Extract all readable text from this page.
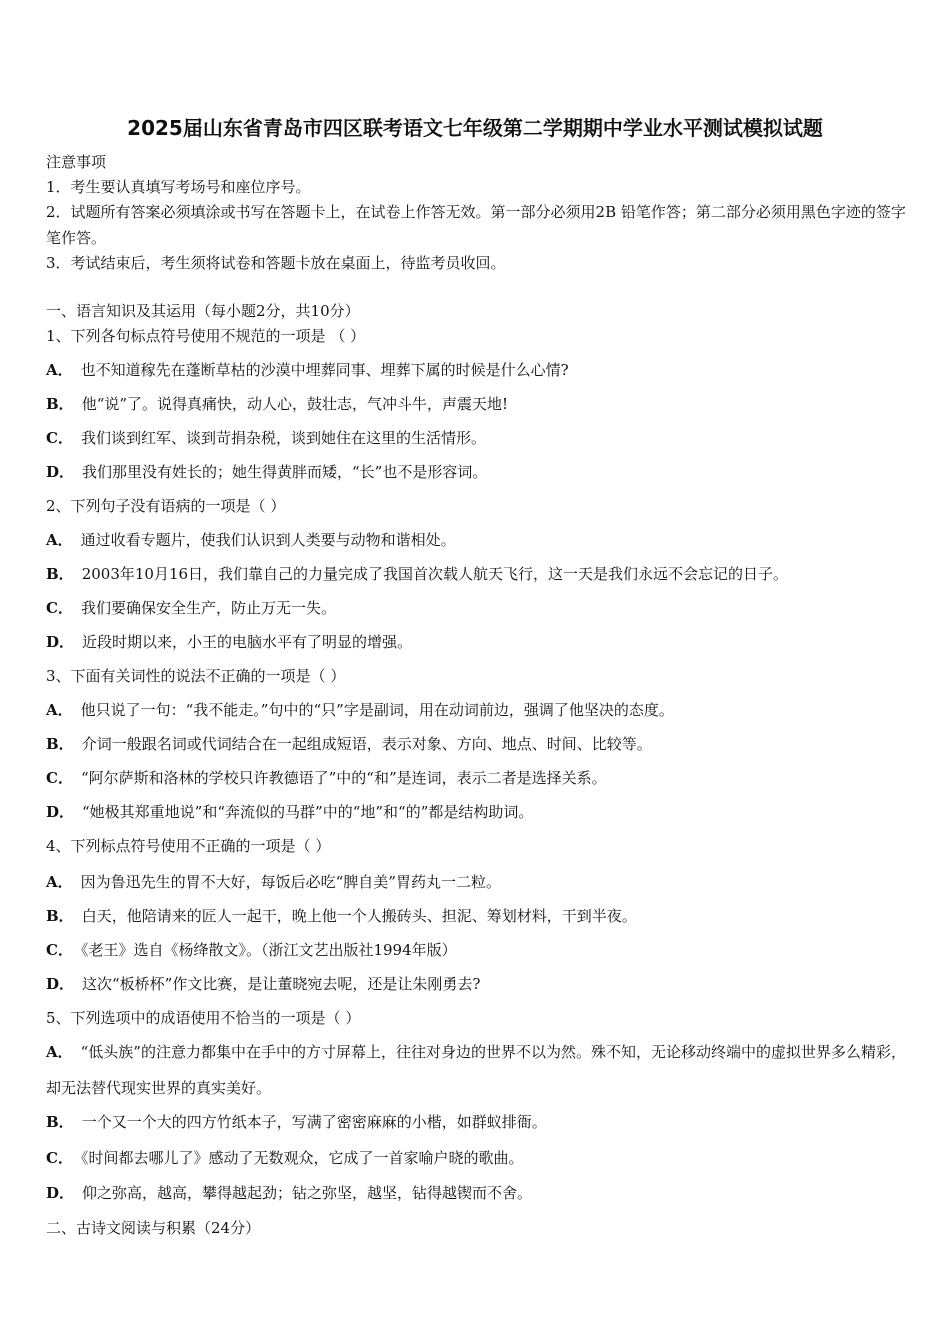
2025届山东省青岛市四区联考语文七年级第二学期期中学业水平测试模拟试题
注意事项
1．考生要认真填写考场号和座位序号。
2．试题所有答案必须填涂或书写在答题卡上，在试卷上作答无效。第一部分必须用2B 铅笔作答；第二部分必须用黑色字迹的签字笔作答。
3．考试结束后，考生须将试卷和答题卡放在桌面上，待监考员收回。
一、语言知识及其运用（每小题2分，共10分）
1、下列各句标点符号使用不规范的一项是 （ ）
A． 也不知道稼先在蓬断草枯的沙漠中埋葬同事、埋葬下属的时候是什么心情?
B． 他“说”了。说得真痛快，动人心，鼓壮志，气冲斗牛，声震天地!
C． 我们谈到红军、谈到苛捐杂税，谈到她住在这里的生活情形。
D． 我们那里没有姓长的；她生得黄胖而矮，“长”也不是形容词。
2、下列句子没有语病的一项是（ ）
A． 通过收看专题片，使我们认识到人类要与动物和谐相处。
B． 2003年10月16日，我们靠自己的力量完成了我国首次载人航天飞行，这一天是我们永远不会忘记的日子。
C． 我们要确保安全生产，防止万无一失。
D． 近段时期以来，小王的电脑水平有了明显的增强。
3、下面有关词性的说法不正确的一项是（ ）
A． 他只说了一句：“我不能走。”句中的“只”字是副词，用在动词前边，强调了他坚决的态度。
B． 介词一般跟名词或代词结合在一起组成短语，表示对象、方向、地点、时间、比较等。
C． “阿尔萨斯和洛林的学校只许教德语了”中的“和”是连词，表示二者是选择关系。
D． “她极其郑重地说”和“奔流似的马群”中的“地”和“的”都是结构助词。
4、下列标点符号使用不正确的一项是（ ）
A． 因为鲁迅先生的胃不大好，每饭后必吃“脾自美”胃药丸一二粒。
B． 白天，他陪请来的匠人一起干，晚上他一个人搬砖头、担泥、筹划材料，干到半夜。
C． 《老王》选自《杨绛散文》。（浙江文艺出版社1994年版）
D． 这次“板桥杯”作文比赛，是让董晓宛去呢，还是让朱刚勇去?
5、下列选项中的成语使用不恰当的一项是（ ）
A． “低头族”的注意力都集中在手中的方寸屏幕上，往往对身边的世界不以为然。殊不知，无论移动终端中的虚拟世界多么精彩，却无法替代现实世界的真实美好。
B． 一个又一个大的四方竹纸本子，写满了密密麻麻的小楷，如群蚁排衙。
C． 《时间都去哪儿了》感动了无数观众，它成了一首家喻户晓的歌曲。
D． 仰之弥高，越高，攀得越起劲；钻之弥坚，越坚，钻得越锲而不舍。
二、古诗文阅读与积累（24分）
